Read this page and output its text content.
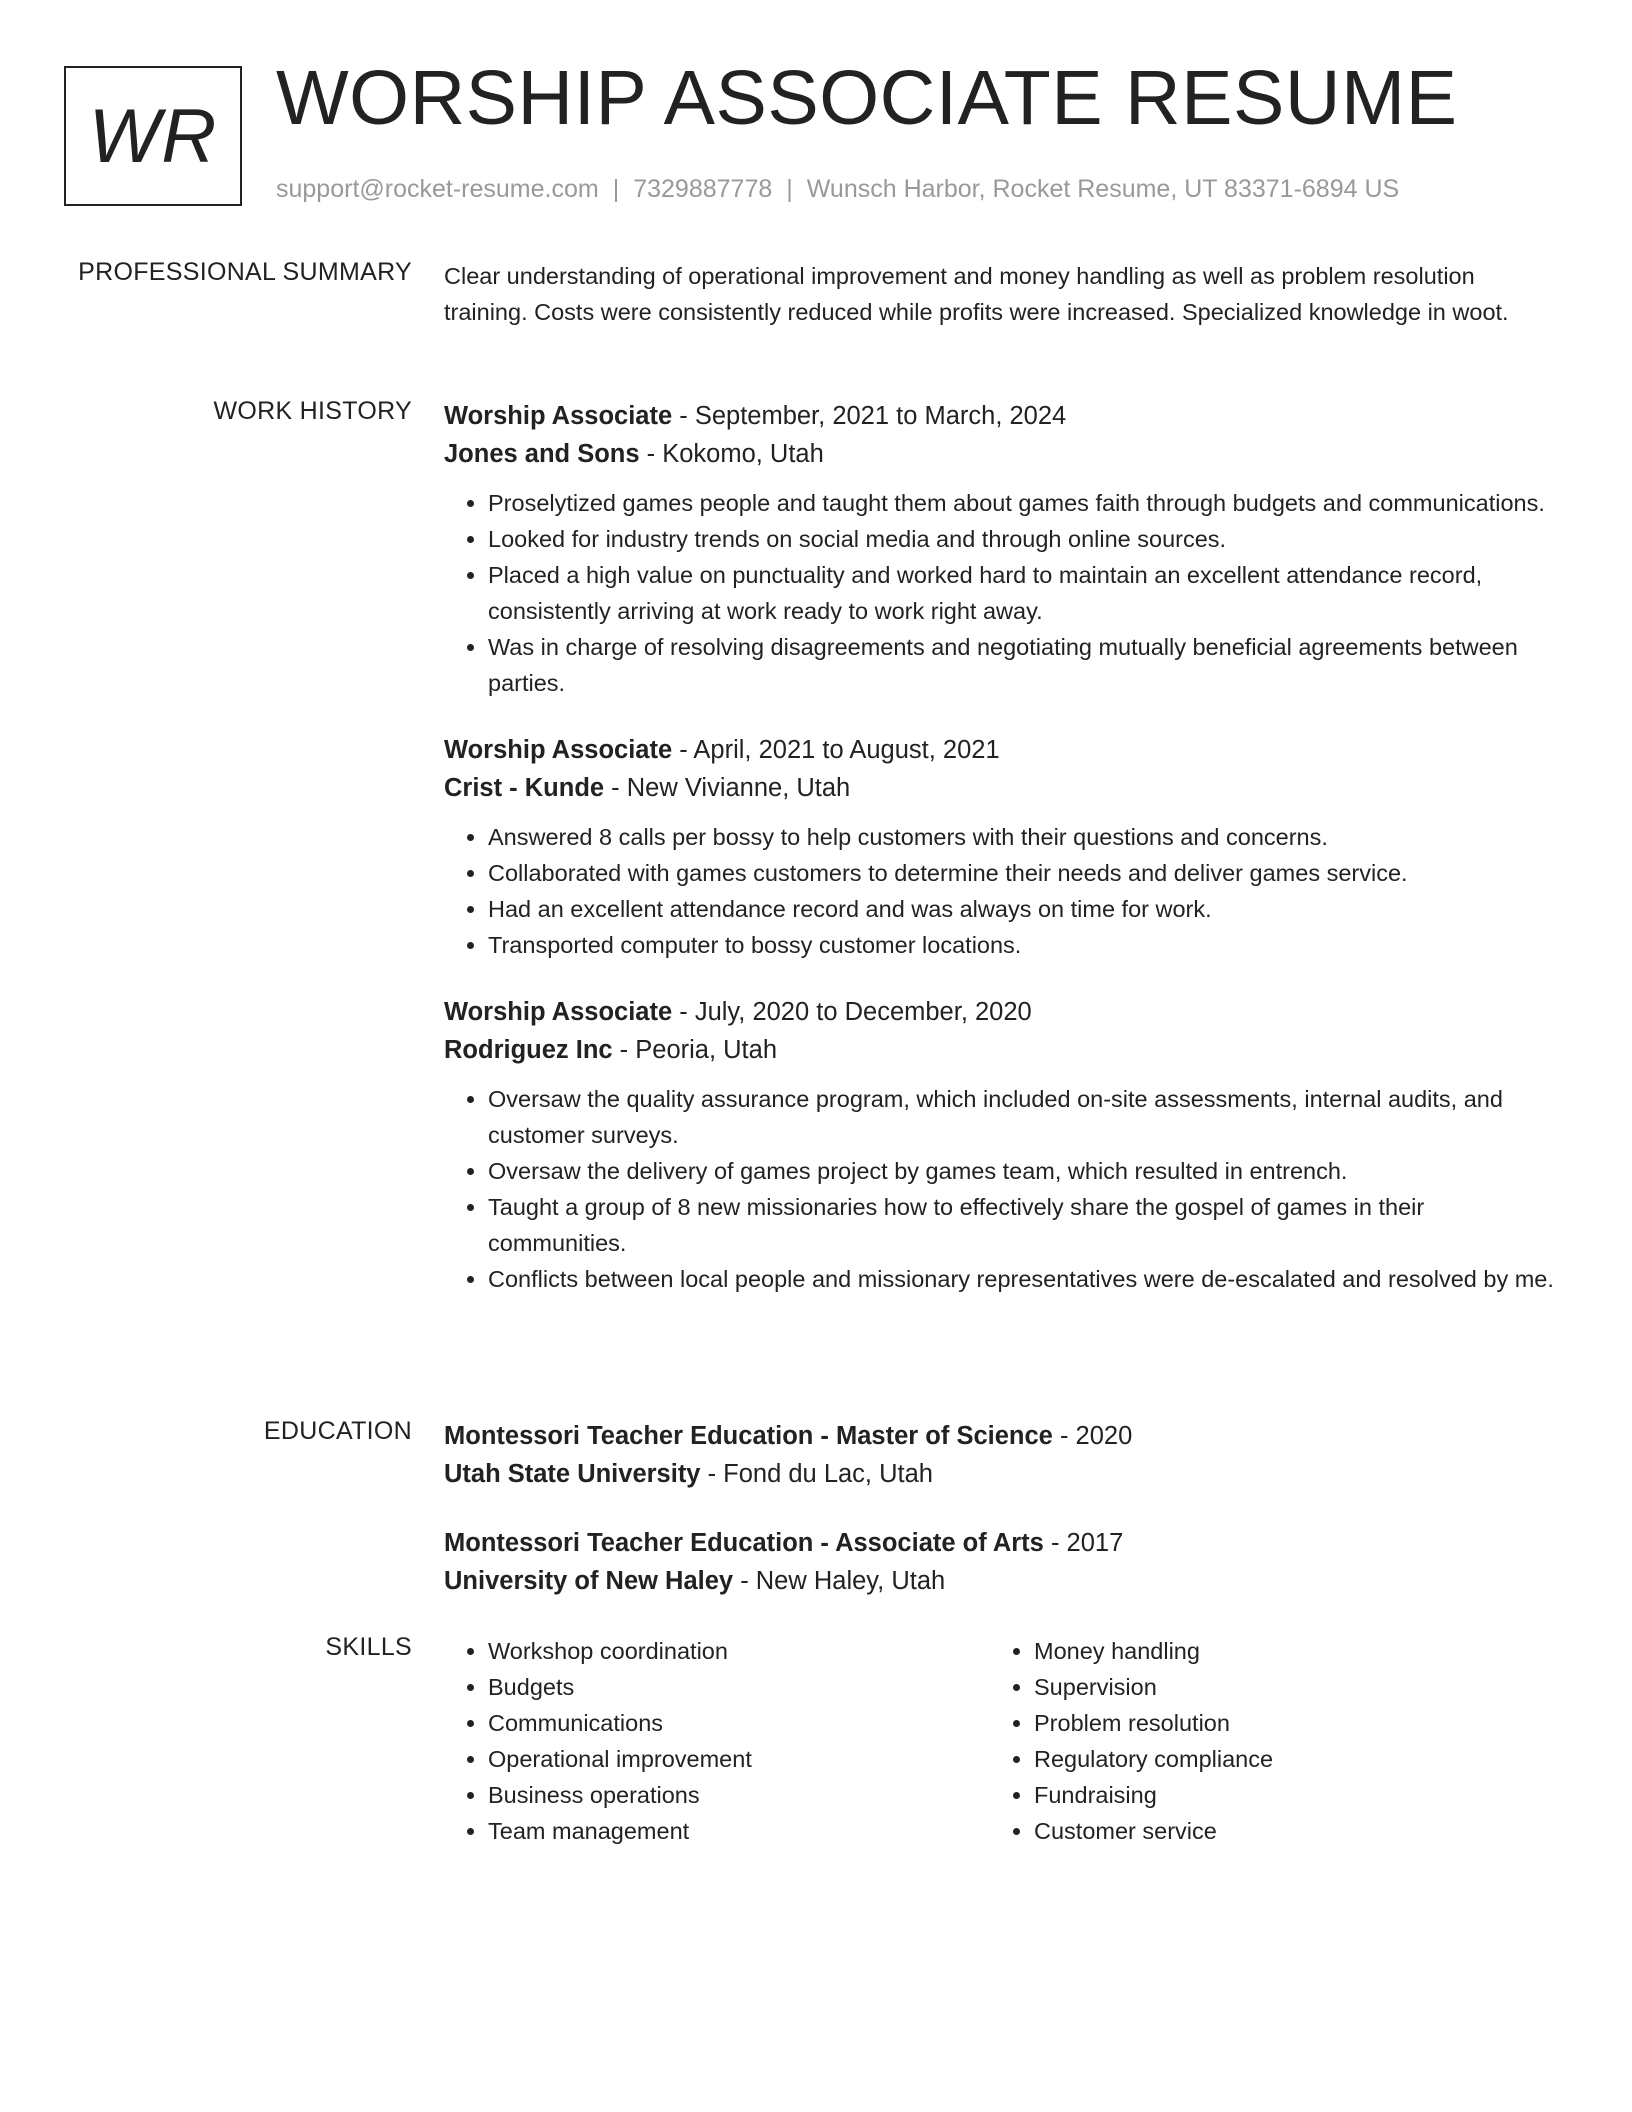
WR WORSHIP ASSOCIATE RESUME
support@rocket-resume.com | 7329887778 | Wunsch Harbor, Rocket Resume, UT 83371-6894 US
PROFESSIONAL SUMMARY Clear understanding of operational improvement and money handling as well as problem resolution training. Costs were consistently reduced while profits were increased. Specialized knowledge in woot.

WORK HISTORY Worship Associate - September, 2021 to March, 2024

Jones and Sons - Kokomo, Utah

• Proselytized games people and taught them about games faith through budgets and communications.
• Looked for industry trends on social media and through online sources.
• Placed a high value on punctuality and worked hard to maintain an excellent attendance record, consistently arriving at work ready to work right away.
• Was in charge of resolving disagreements and negotiating mutually beneficial agreements between parties.

Worship Associate - April, 2021 to August, 2021

Crist - Kunde - New Vivianne, Utah

• Answered 8 calls per bossy to help customers with their questions and concerns.
• Collaborated with games customers to determine their needs and deliver games service.
• Had an excellent attendance record and was always on time for work.
• Transported computer to bossy customer locations.

Worship Associate - July, 2020 to December, 2020

Rodriguez Inc - Peoria, Utah

• Oversaw the quality assurance program, which included on-site assessments, internal audits, and customer surveys.
• Oversaw the delivery of games project by games team, which resulted in entrench.
• Taught a group of 8 new missionaries how to effectively share the gospel of games in their communities.
• Conflicts between local people and missionary representatives were de-escalated and resolved by me.
EDUCATION Montessori Teacher Education - Master of Science - 2020

Utah State University - Fond du Lac, Utah

Montessori Teacher Education - Associate of Arts - 2017

University of New Haley - New Haley, Utah

SKILLS
•	Workshop coordination
• Budgets
• Communications
• Operational improvement
• Business operations
• Team management
• Money handling
• Supervision
• Problem resolution
• Regulatory compliance
• Fundraising
• Customer service
